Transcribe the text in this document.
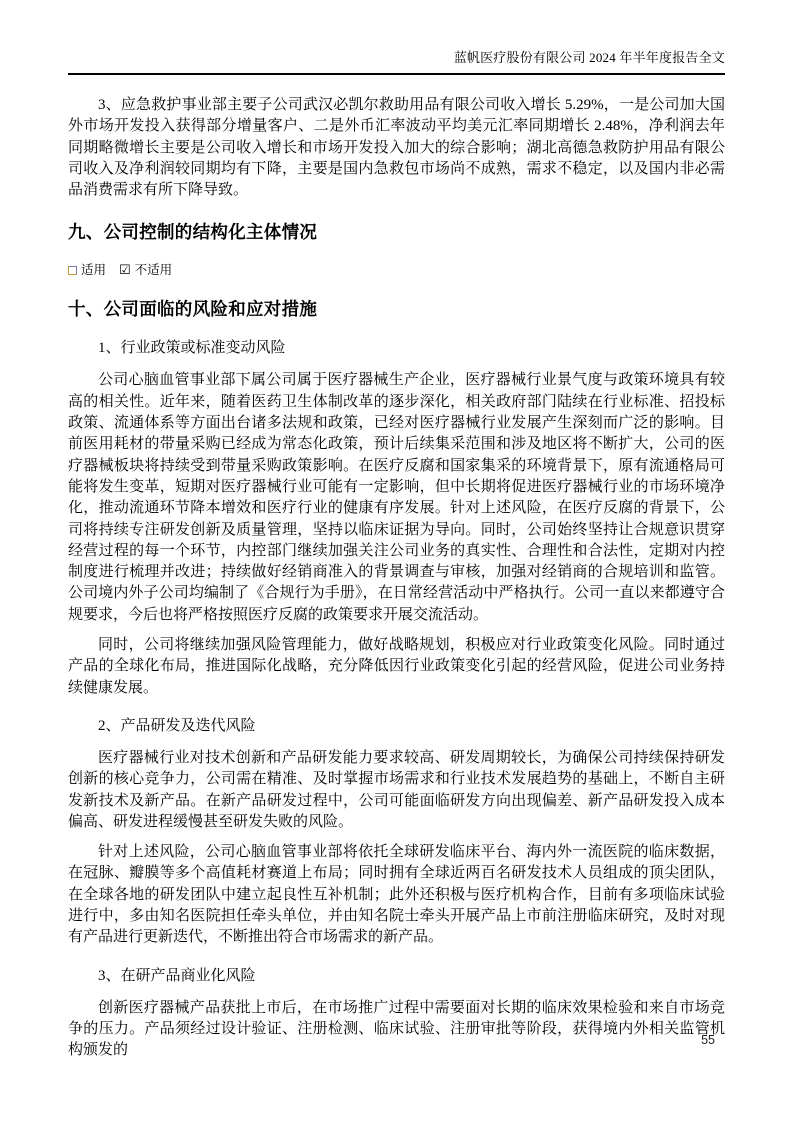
蓝帆医疗股份有限公司 2024 年半年度报告全文

3、应急救护事业部主要子公司武汉必凯尔救助用品有限公司收入增长 5.29%，一是公司加大国外市场开发投入获得部分增量客户、二是外币汇率波动平均美元汇率同期增长 2.48%，净利润去年同期略微增长主要是公司收入增长和市场开发投入加大的综合影响；湖北高德急救防护用品有限公司收入及净利润较同期均有下降，主要是国内急救包市场尚不成熟，需求不稳定，以及国内非必需品消费需求有所下降导致。

九、公司控制的结构化主体情况
适用 ☑ 不适用
十、公司面临的风险和应对措施
1、行业政策或标准变动风险

公司心脑血管事业部下属公司属于医疗器械生产企业，医疗器械行业景气度与政策环境具有较高的相关性。近年来，随着医药卫生体制改革的逐步深化，相关政府部门陆续在行业标准、招投标政策、流通体系等方面出台诸多法规和政策，已经对医疗器械行业发展产生深刻而广泛的影响。目前医用耗材的带量采购已经成为常态化政策，预计后续集采范围和涉及地区将不断扩大，公司的医疗器械板块将持续受到带量采购政策影响。在医疗反腐和国家集采的环境背景下，原有流通格局可能将发生变革，短期对医疗器械行业可能有一定影响，但中长期将促进医疗器械行业的市场环境净化，推动流通环节降本增效和医疗行业的健康有序发展。针对上述风险，在医疗反腐的背景下，公司将持续专注研发创新及质量管理，坚持以临床证据为导向。同时，公司始终坚持让合规意识贯穿经营过程的每一个环节，内控部门继续加强关注公司业务的真实性、合理性和合法性，定期对内控制度进行梳理并改进；持续做好经销商准入的背景调查与审核，加强对经销商的合规培训和监管。公司境内外子公司均编制了《合规行为手册》，在日常经营活动中严格执行。公司一直以来都遵守合规要求，今后也将严格按照医疗反腐的政策要求开展交流活动。

同时，公司将继续加强风险管理能力，做好战略规划，积极应对行业政策变化风险。同时通过产品的全球化布局，推进国际化战略，充分降低因行业政策变化引起的经营风险，促进公司业务持续健康发展。

2、产品研发及迭代风险

医疗器械行业对技术创新和产品研发能力要求较高、研发周期较长，为确保公司持续保持研发创新的核心竞争力，公司需在精准、及时掌握市场需求和行业技术发展趋势的基础上，不断自主研发新技术及新产品。在新产品研发过程中，公司可能面临研发方向出现偏差、新产品研发投入成本偏高、研发进程缓慢甚至研发失败的风险。

针对上述风险，公司心脑血管事业部将依托全球研发临床平台、海内外一流医院的临床数据，在冠脉、瓣膜等多个高值耗材赛道上布局；同时拥有全球近两百名研发技术人员组成的顶尖团队，在全球各地的研发团队中建立起良性互补机制；此外还积极与医疗机构合作，目前有多项临床试验进行中，多由知名医院担任牵头单位，并由知名院士牵头开展产品上市前注册临床研究，及时对现有产品进行更新迭代，不断推出符合市场需求的新产品。

3、在研产品商业化风险

创新医疗器械产品获批上市后，在市场推广过程中需要面对长期的临床效果检验和来自市场竞争的压力。产品须经过设计验证、注册检测、临床试验、注册审批等阶段，获得境内外相关监管机构颁发的

55
